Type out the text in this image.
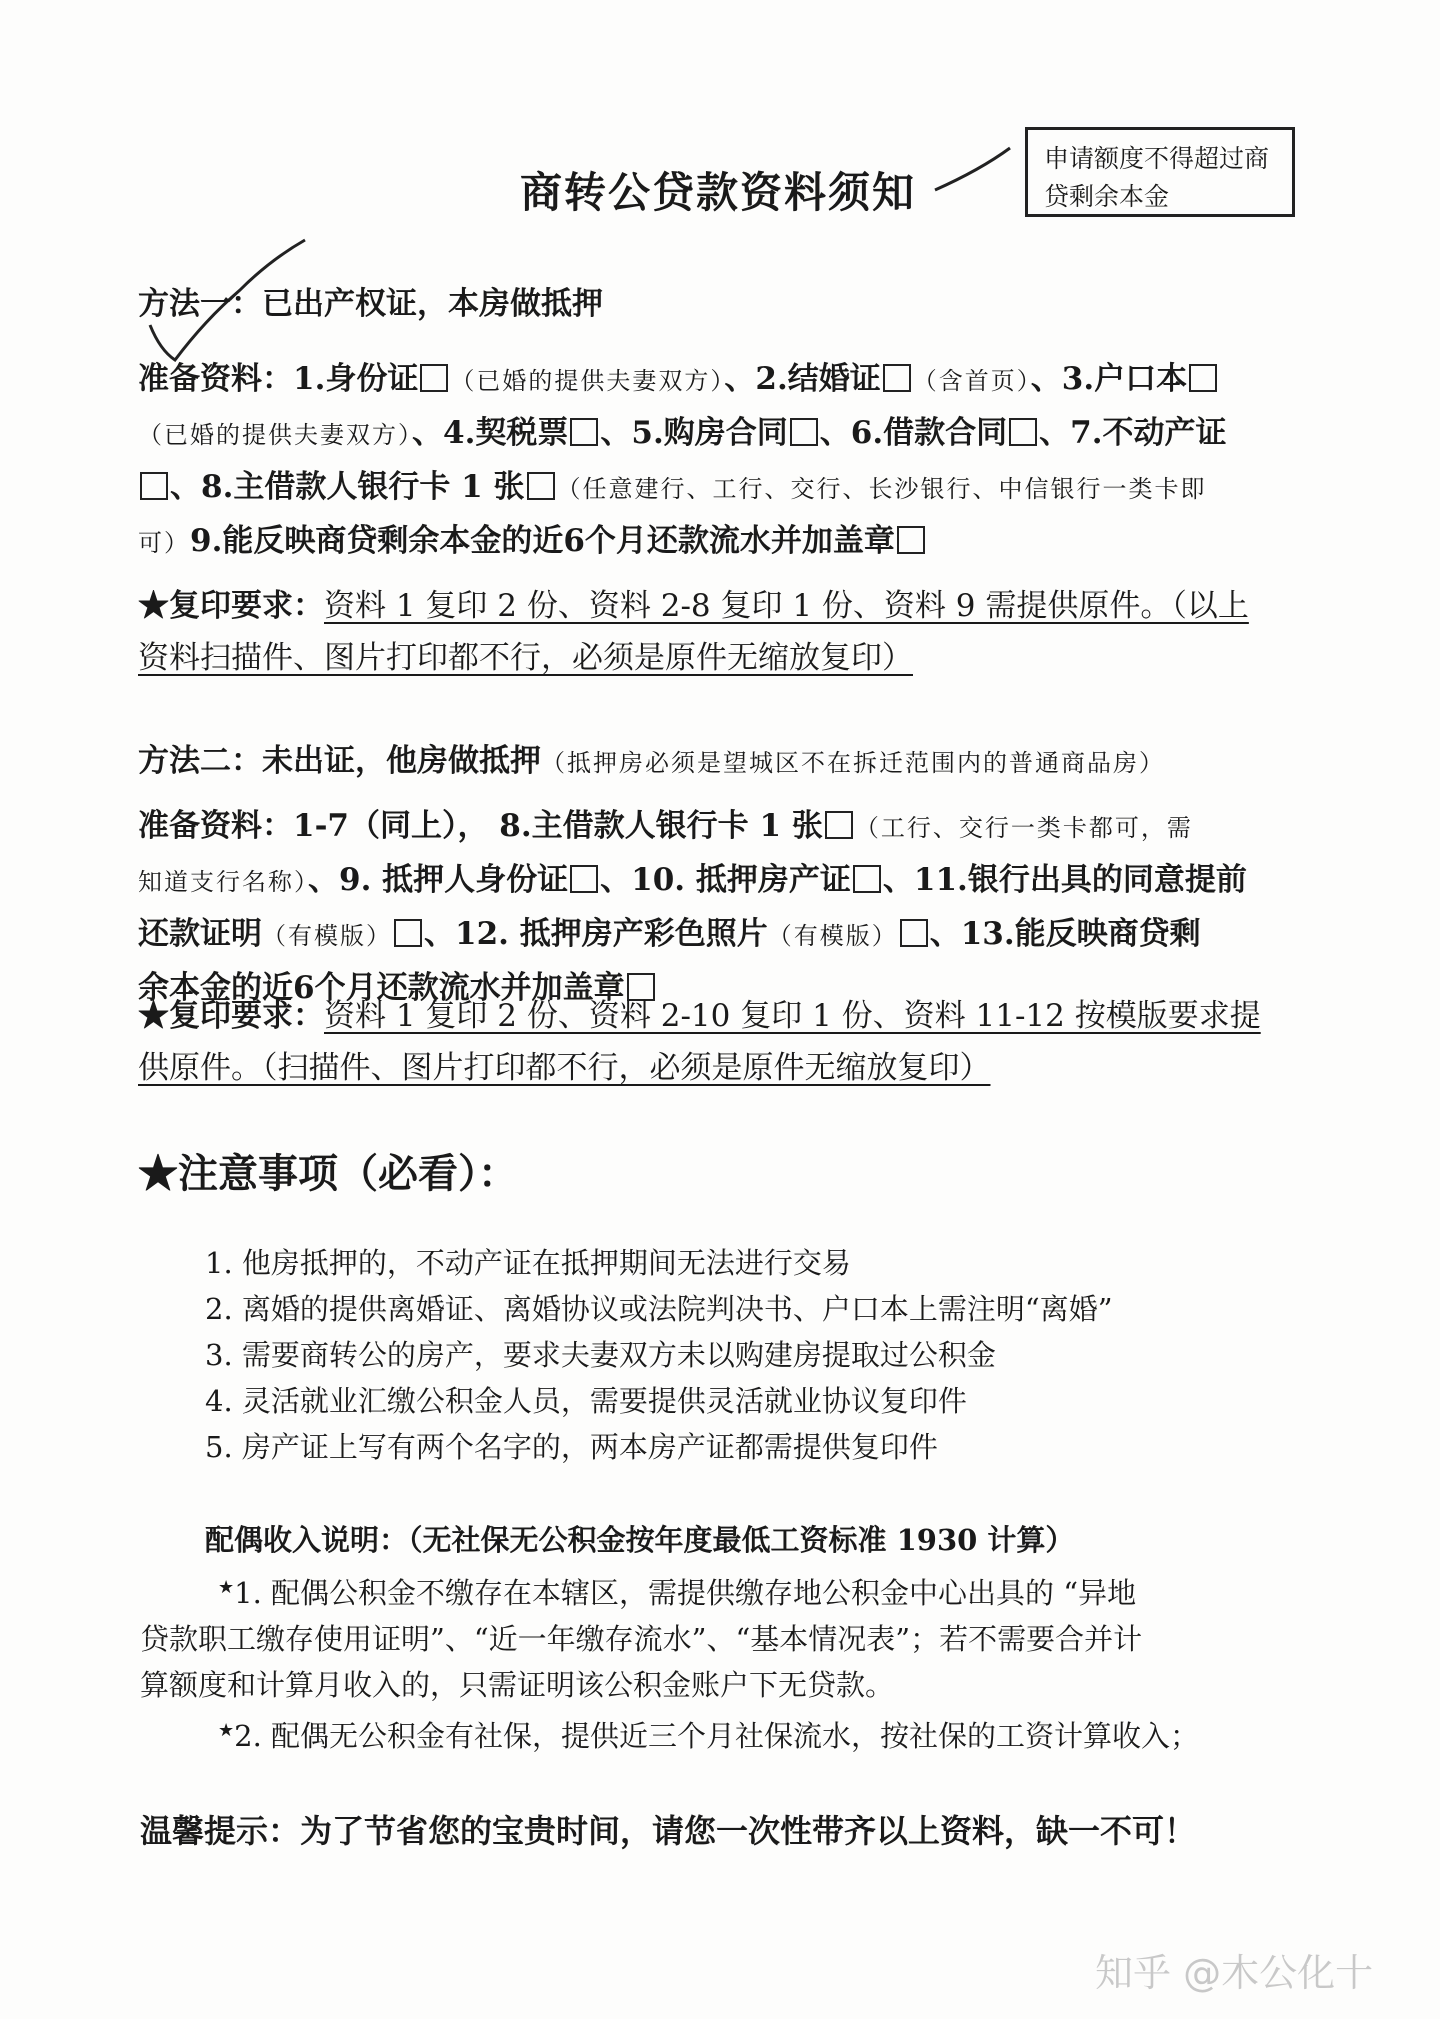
商转公贷款资料须知
申请额度不得超过商
贷剩余本金
方法一：已出产权证，本房做抵押
准备资料：1.身份证 （已婚的提供夫妻双方）、2.结婚证 （含首页）、3.户口本
（已婚的提供夫妻双方）、4.契税票 、5.购房合同 、6.借款合同 、7.不动产证
、8.主借款人银行卡 1 张 （任意建行、工行、交行、长沙银行、中信银行一类卡即
可）9.能反映商贷剩余本金的近6个月还款流水并加盖章
★复印要求：资料 1 复印 2 份、资料 2-8 复印 1 份、资料 9 需提供原件。（以上
资料扫描件、图片打印都不行，必须是原件无缩放复印）
方法二：未出证，他房做抵押（抵押房必须是望城区不在拆迁范围内的普通商品房）
准备资料：1-7（同上）， 8.主借款人银行卡 1 张 （工行、交行一类卡都可，需
知道支行名称）、9. 抵押人身份证 、10. 抵押房产证 、11.银行出具的同意提前
还款证明（有模版） 、12. 抵押房产彩色照片（有模版） 、13.能反映商贷剩
余本金的近6个月还款流水并加盖章
★复印要求：资料 1 复印 2 份、资料 2-10 复印 1 份、资料 11-12 按模版要求提
供原件。（扫描件、图片打印都不行，必须是原件无缩放复印）
★注意事项（必看）：
1. 他房抵押的，不动产证在抵押期间无法进行交易
2. 离婚的提供离婚证、离婚协议或法院判决书、户口本上需注明“离婚”
3. 需要商转公的房产，要求夫妻双方未以购建房提取过公积金
4. 灵活就业汇缴公积金人员，需要提供灵活就业协议复印件
5. 房产证上写有两个名字的，两本房产证都需提供复印件
配偶收入说明：（无社保无公积金按年度最低工资标准 1930 计算）
★1. 配偶公积金不缴存在本辖区，需提供缴存地公积金中心出具的 “异地
贷款职工缴存使用证明”、“近一年缴存流水”、“基本情况表”；若不需要合并计
算额度和计算月收入的，只需证明该公积金账户下无贷款。
★2. 配偶无公积金有社保，提供近三个月社保流水，按社保的工资计算收入；
温馨提示：为了节省您的宝贵时间，请您一次性带齐以上资料，缺一不可！
知乎 @木公化十
